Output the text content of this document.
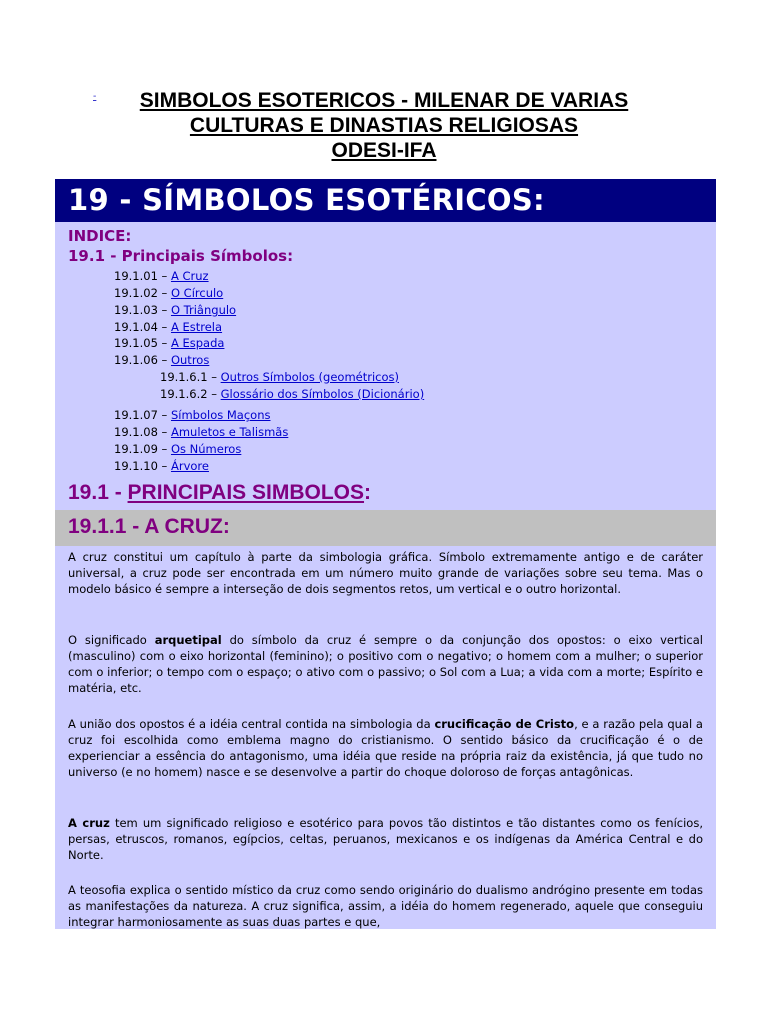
-	SIMBOLOS ESOTERICOS - MILENAR DE VARIAS
CULTURAS E DINASTIAS RELIGIOSAS
ODESI-IFA
19 - SÍMBOLOS ESOTÉRICOS:
INDICE:
19.1 - Principais Símbolos:
19.1.01 – A Cruz
19.1.02 – O Círculo
19.1.03 – O Triângulo
19.1.04 – A Estrela
19.1.05 – A Espada
19.1.06 – Outros
19.1.6.1 – Outros Símbolos (geométricos)
19.1.6.2 – Glossário dos Símbolos (Dicionário)
19.1.07 – Símbolos Maçons
19.1.08 – Amuletos e Talismãs
19.1.09 – Os Números
19.1.10 – Árvore
19.1 - PRINCIPAIS SIMBOLOS:
19.1.1 - A CRUZ:
A cruz constitui um capítulo à parte da simbologia gráfica. Símbolo extremamente antigo e de caráter universal, a cruz pode ser encontrada em um número muito grande de variações sobre seu tema. Mas o modelo básico é sempre a interseção de dois segmentos retos, um vertical e o outro horizontal.
O significado arquetipal do símbolo da cruz é sempre o da conjunção dos opostos: o eixo vertical (masculino) com o eixo horizontal (feminino); o positivo com o negativo; o homem com a mulher; o superior com o inferior; o tempo com o espaço; o ativo com o passivo; o Sol com a Lua; a vida com a morte; Espírito e matéria, etc.
A união dos opostos é a idéia central contida na simbologia da crucificação de Cristo, e a razão pela qual a cruz foi escolhida como emblema magno do cristianismo. O sentido básico da crucificação é o de experienciar a essência do antagonismo, uma idéia que reside na própria raiz da existência, já que tudo no universo (e no homem) nasce e se desenvolve a partir do choque doloroso de forças antagônicas.
A cruz tem um significado religioso e esotérico para povos tão distintos e tão distantes como os fenícios, persas, etruscos, romanos, egípcios, celtas, peruanos, mexicanos e os indígenas da América Central e do Norte.
A teosofia explica o sentido místico da cruz como sendo originário do dualismo andrógino presente em todas as manifestações da natureza. A cruz significa, assim, a idéia do homem regenerado, aquele que conseguiu integrar harmoniosamente as suas duas partes e que,
